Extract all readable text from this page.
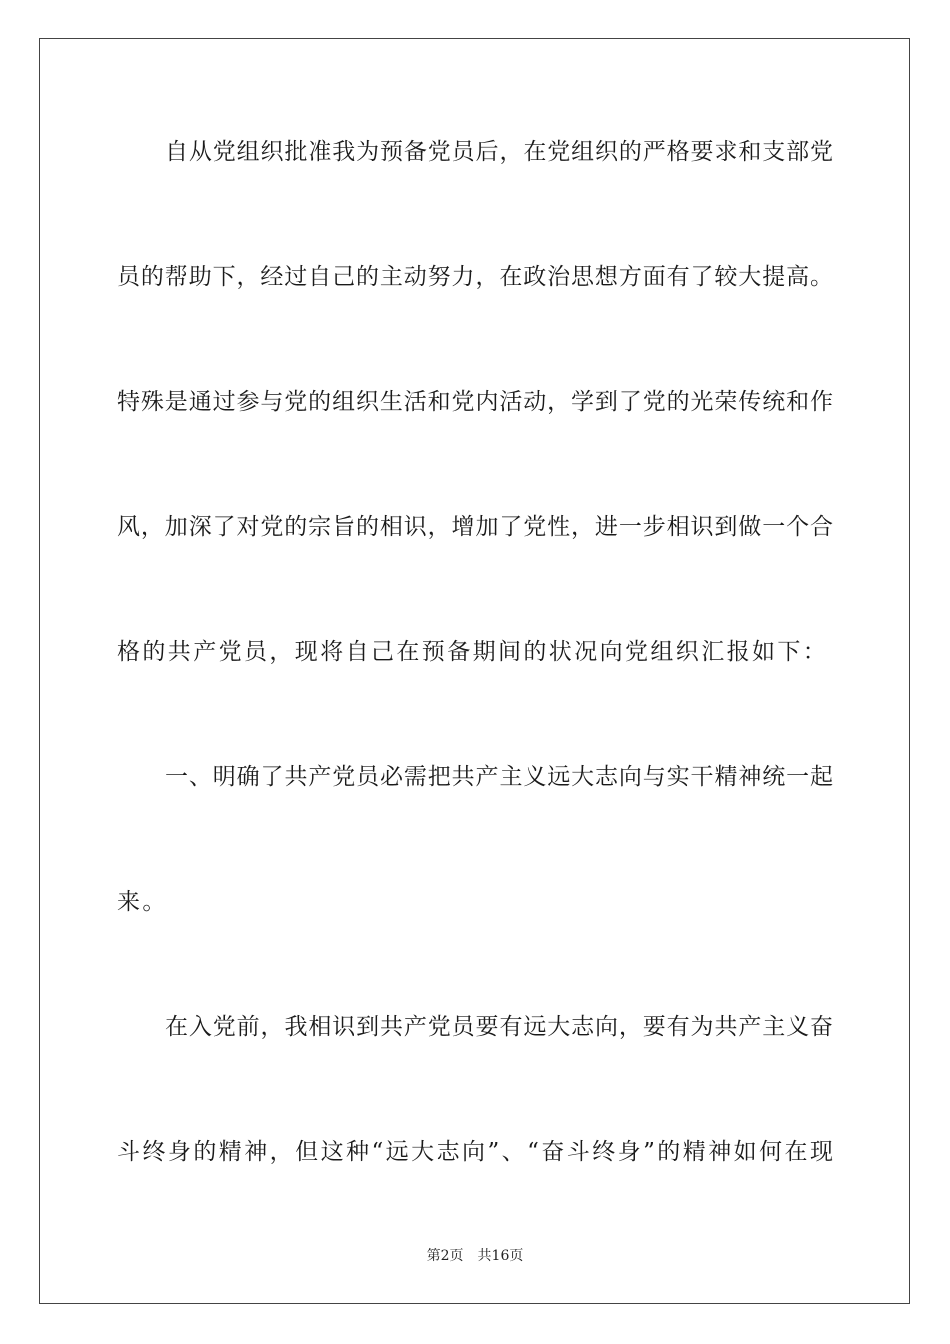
自从党组织批准我为预备党员后，在党组织的严格要求和支部党
员的帮助下，经过自己的主动努力，在政治思想方面有了较大提高。
特殊是通过参与党的组织生活和党内活动，学到了党的光荣传统和作
风，加深了对党的宗旨的相识，增加了党性，进一步相识到做一个合
格的共产党员，现将自己在预备期间的状况向党组织汇报如下：
一、明确了共产党员必需把共产主义远大志向与实干精神统一起
来。
在入党前，我相识到共产党员要有远大志向，要有为共产主义奋
斗终身的精神，但这种“远大志向”、“奋斗终身”的精神如何在现
第2页 共16页
